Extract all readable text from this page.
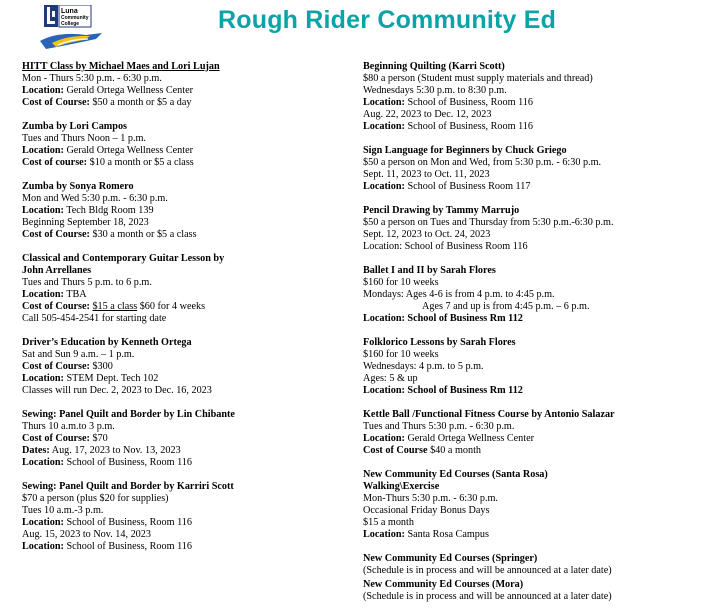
Luna
Community
College	Rough Rider Community Ed
HITT Class by Michael Maes and Lori Lujan
Mon - Thurs 5:30 p.m. - 6:30 p.m.
Location: Gerald Ortega Wellness Center
Cost of Course: $50 a month or $5 a day
Zumba by Lori Campos
Tues and Thurs Noon – 1 p.m.
Location: Gerald Ortega Wellness Center
Cost of course: $10 a month or $5 a class
Zumba by Sonya Romero
Mon and Wed 5:30 p.m. - 6:30 p.m.
Location: Tech Bldg Room 139
Beginning September 18, 2023
Cost of Course: $30 a month or $5 a class
Classical and Contemporary Guitar Lesson by
John Arrellanes
Tues and Thurs 5 p.m. to 6 p.m.
Location: TBA
Cost of Course: $15 a class $60 for 4 weeks
Call 505-454-2541 for starting date
Driver’s Education by Kenneth Ortega
Sat and Sun 9 a.m. – 1 p.m.
Cost of Course: $300
Location: STEM Dept. Tech 102
Classes will run Dec. 2, 2023 to Dec. 16, 2023
Sewing: Panel Quilt and Border by Lin Chibante
Thurs 10 a.m.to 3 p.m.
Cost of Course: $70
Dates: Aug. 17, 2023 to Nov. 13, 2023
Location: School of Business, Room 116
Sewing: Panel Quilt and Border by Karriri Scott
$70 a person (plus $20 for supplies)
Tues 10 a.m.-3 p.m.
Location: School of Business, Room 116
Aug. 15, 2023 to Nov. 14, 2023
Location: School of Business, Room 116
Beginning Quilting (Karri Scott)
$80 a person (Student must supply materials and thread)
Wednesdays 5:30 p.m. to 8:30 p.m.
Location: School of Business, Room 116
Aug. 22, 2023 to Dec. 12, 2023
Location: School of Business, Room 116
Sign Language for Beginners by Chuck Griego
$50 a person on Mon and Wed, from 5:30 p.m. - 6:30 p.m.
Sept. 11, 2023 to Oct. 11, 2023
Location: School of Business Room 117
Pencil Drawing by Tammy Marrujo
$50 a person on Tues and Thursday from 5:30 p.m.-6:30 p.m.
Sept. 12, 2023 to Oct. 24, 2023
Location: School of Business Room 116
Ballet I and II by Sarah Flores
$160 for 10 weeks
Mondays: Ages 4-6 is from 4 p.m. to 4:45 p.m.
Ages 7 and up is from 4:45 p.m. – 6 p.m.
Location: School of Business Rm 112
Folklorico Lessons by Sarah Flores
$160 for 10 weeks
Wednesdays: 4 p.m. to 5 p.m.
Ages: 5 & up
Location: School of Business Rm 112
Kettle Ball /Functional Fitness Course by Antonio Salazar
Tues and Thurs 5:30 p.m. - 6:30 p.m.
Location: Gerald Ortega Wellness Center
Cost of Course $40 a month
New Community Ed Courses (Santa Rosa)
Walking\Exercise
Mon-Thurs 5:30 p.m. - 6:30 p.m.
Occasional Friday Bonus Days
$15 a month
Location: Santa Rosa Campus
New Community Ed Courses (Springer)
(Schedule is in process and will be announced at a later date)
New Community Ed Courses (Mora)
(Schedule is in process and will be announced at a later date)
